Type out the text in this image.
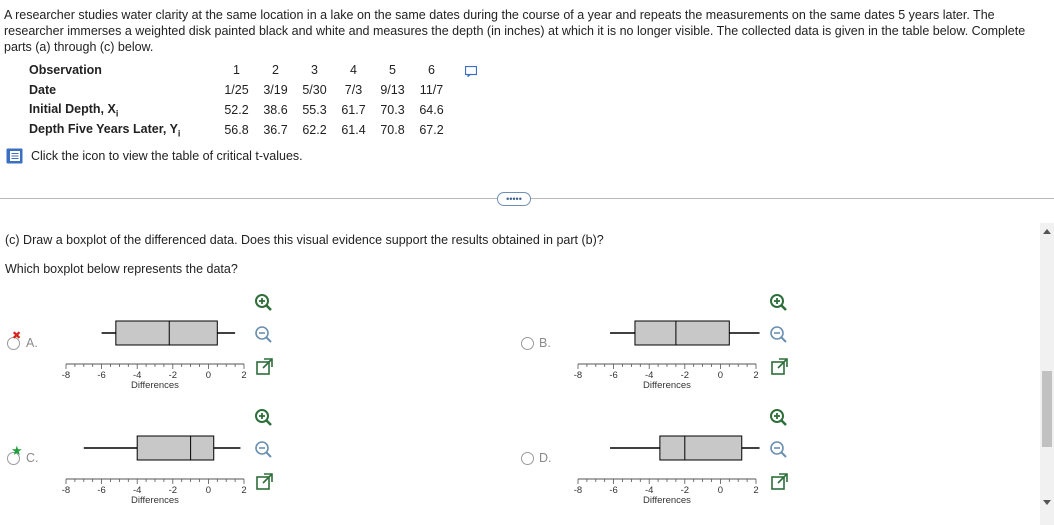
A researcher studies water clarity at the same location in a lake on the same dates during the course of a year and repeats the measurements on the same dates 5 years later. The researcher immerses a weighted disk painted black and white and measures the depth (in inches) at which it is no longer visible. The collected data is given in the table below. Complete parts (a) through (c) below.
Observation	1	2	3	4	5	6
Date	1/25	3/19	5/30	7/3	9/13	11/7
Initial Depth, $X_i$	52.2	38.6	55.3	61.7	70.3	64.6
Depth Five Years Later, $Y_i$	56.8	36.7	62.2	61.4	70.8	67.2
Click the icon to view the table of critical t-values.
•••••
(c) Draw a boxplot of the differenced data. Does this visual evidence support the results obtained in part (b)?
Which boxplot below represents the data?
✖ A.
-8	-6	-4	-2	0	2
Differences
B.
-8	-6	-4	-2	0	2
Differences
★ C.
-8	-6	-4	-2	0	2
Differences
D.
-8	-6	-4	-2	0	2
Differences
